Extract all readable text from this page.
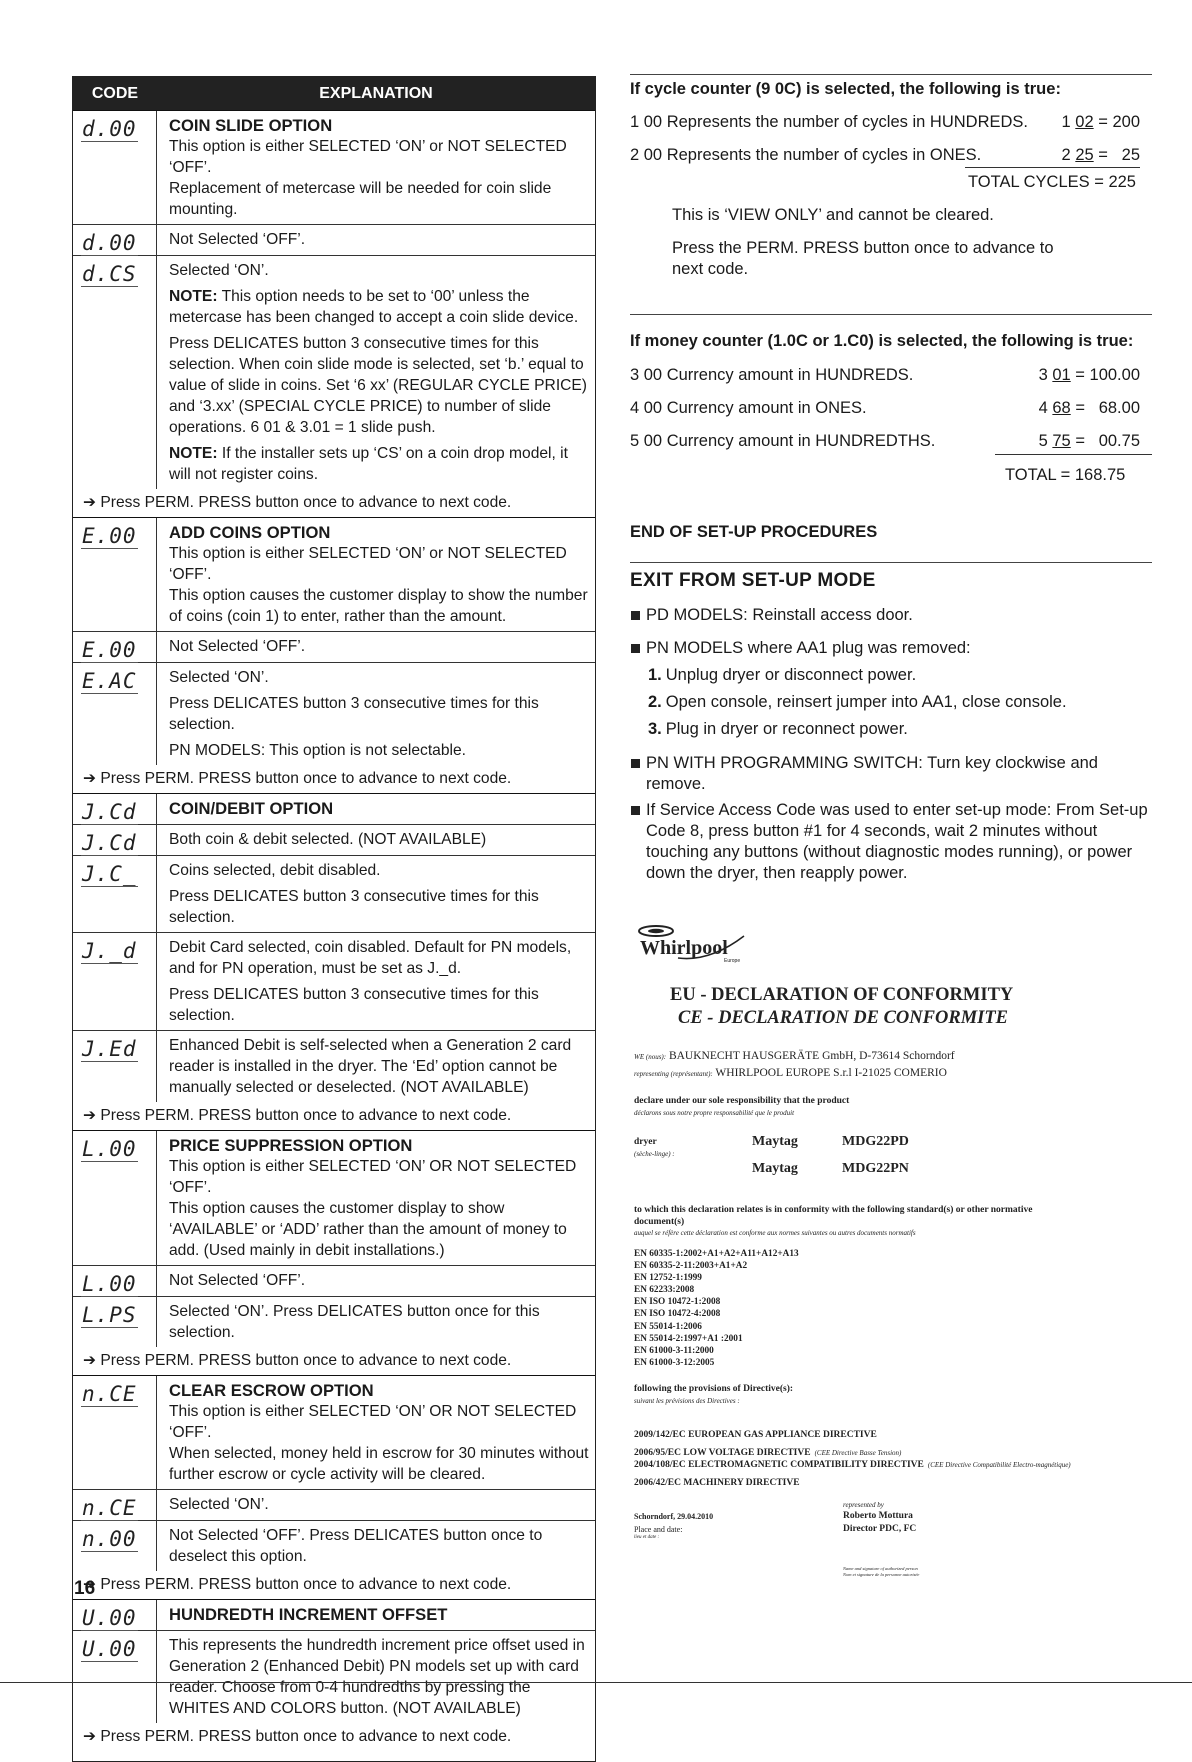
CODE	EXPLANATION
d.00	COIN SLIDE OPTION
This option is either SELECTED ‘ON’ or NOT SELECTED ‘OFF’.
Replacement of metercase will be needed for coin slide mounting.
d.00	Not Selected ‘OFF’.
d.CS	Selected ‘ON’.

NOTE: This option needs to be set to ‘00’ unless the metercase has been changed to accept a coin slide device.

Press DELICATES button 3 consecutive times for this selection. When coin slide mode is selected, set ‘b.’ equal to value of slide in coins. Set ‘6 xx’ (REGULAR CYCLE PRICE) and ‘3.xx’ (SPECIAL CYCLE PRICE) to number of slide operations. 6 01 & 3.01 = 1 slide push.

NOTE: If the installer sets up ‘CS’ on a coin drop model, it will not register coins.

➔ Press PERM. PRESS button once to advance to next code.
E.00	ADD COINS OPTION
This option is either SELECTED ‘ON’ or NOT SELECTED ‘OFF’.
This option causes the customer display to show the number of coins (coin 1) to enter, rather than the amount.
E.00	Not Selected ‘OFF’.
E.AC	Selected ‘ON’.

Press DELICATES button 3 consecutive times for this selection.

PN MODELS: This option is not selectable.

➔ Press PERM. PRESS button once to advance to next code.
J.Cd	COIN/DEBIT OPTION
J.Cd	Both coin & debit selected. (NOT AVAILABLE)
J.C_	Coins selected, debit disabled.

Press DELICATES button 3 consecutive times for this selection.

J._d	Debit Card selected, coin disabled. Default for PN models, and for PN operation, must be set as J._d.

Press DELICATES button 3 consecutive times for this selection.

J.Ed	Enhanced Debit is self-selected when a Generation 2 card reader is installed in the dryer. The ‘Ed’ option cannot be manually selected or deselected. (NOT AVAILABLE)
➔ Press PERM. PRESS button once to advance to next code.
L.00	PRICE SUPPRESSION OPTION
This option is either SELECTED ‘ON’ OR NOT SELECTED ‘OFF’.
This option causes the customer display to show ‘AVAILABLE’ or ‘ADD’ rather than the amount of money to add. (Used mainly in debit installations.)
L.00	Not Selected ‘OFF’.
L.PS	Selected ‘ON’. Press DELICATES button once for this selection.
➔ Press PERM. PRESS button once to advance to next code.
n.CE	CLEAR ESCROW OPTION
This option is either SELECTED ‘ON’ OR NOT SELECTED ‘OFF’.
When selected, money held in escrow for 30 minutes without further escrow or cycle activity will be cleared.
n.CE	Selected ‘ON’.
n.00	Not Selected ‘OFF’. Press DELICATES button once to deselect this option.
➔ Press PERM. PRESS button once to advance to next code.
U.00	HUNDREDTH INCREMENT OFFSET
U.00	This represents the hundredth increment price offset used in Generation 2 (Enhanced Debit) PN models set up with card reader. Choose from 0-4 hundredths by pressing the WHITES AND COLORS button. (NOT AVAILABLE)
➔ Press PERM. PRESS button once to advance to next code.
If cycle counter (9 0C) is selected, the following is true:
1 00 Represents the number of cycles in HUNDREDS.	1 02 = 200
2 00 Represents the number of cycles in ONES.	2 25 =   25
TOTAL CYCLES = 225
This is ‘VIEW ONLY’ and cannot be cleared.
Press the PERM. PRESS button once to advance to next code.
If money counter (1.0C or 1.C0) is selected, the following is true:
3 00 Currency amount in HUNDREDS.	3 01 = 100.00
4 00 Currency amount in ONES.	4 68 =   68.00
5 00 Currency amount in HUNDREDTHS.	5 75 =   00.75
TOTAL = 168.75
END OF SET-UP PROCEDURES
EXIT FROM SET-UP MODE
PD MODELS: Reinstall access door.
PN MODELS where AA1 plug was removed:
1. Unplug dryer or disconnect power.
2. Open console, reinsert jumper into AA1, close console.
3. Plug in dryer or reconnect power.
PN WITH PROGRAMMING SWITCH: Turn key clockwise and remove.
If Service Access Code was used to enter set-up mode: From Set-up Code 8, press button #1 for 4 seconds, wait 2 minutes without touching any buttons (without diagnostic modes running), or power down the dryer, then reapply power.
Whirlpool
Europe
EU - DECLARATION OF CONFORMITY
CE - DECLARATION DE CONFORMITE
WE (nous): BAUKNECHT HAUSGERÄTE GmbH, D-73614 Schorndorf
representing (représentant): WHIRLPOOL EUROPE S.r.l I-21025 COMERIO
declare under our sole responsibility that the product
déclarons sous notre propre responsabilité que le produit
dryer
(sèche-linge) :
Maytag	MDG22PD
Maytag	MDG22PN
to which this declaration relates is in conformity with the following standard(s) or other normative document(s)
auquel se réfère cette déclaration est conforme aux normes suivantes ou autres documents normatifs
EN 60335-1:2002+A1+A2+A11+A12+A13
EN 60335-2-11:2003+A1+A2
EN 12752-1:1999
EN 62233:2008
EN ISO 10472-1:2008
EN ISO 10472-4:2008
EN 55014-1:2006
EN 55014-2:1997+A1 :2001
EN 61000-3-11:2000
EN 61000-3-12:2005
following the provisions of Directive(s):
suivant les prévisions des Directives :
2009/142/EC EUROPEAN GAS APPLIANCE DIRECTIVE
2006/95/EC LOW VOLTAGE DIRECTIVE (CEE Directive Basse Tension)
2004/108/EC ELECTROMAGNETIC COMPATIBILITY DIRECTIVE (CEE Directive Compatibilité Electro-magnétique)
2006/42/EC MACHINERY DIRECTIVE
represented by
Schorndorf, 29.04.2010	Roberto Mottura
Place and date:	Director PDC, FC
lieu et date :
Name and signature of authorized person
Nom et signature de la personne autorisée
16
